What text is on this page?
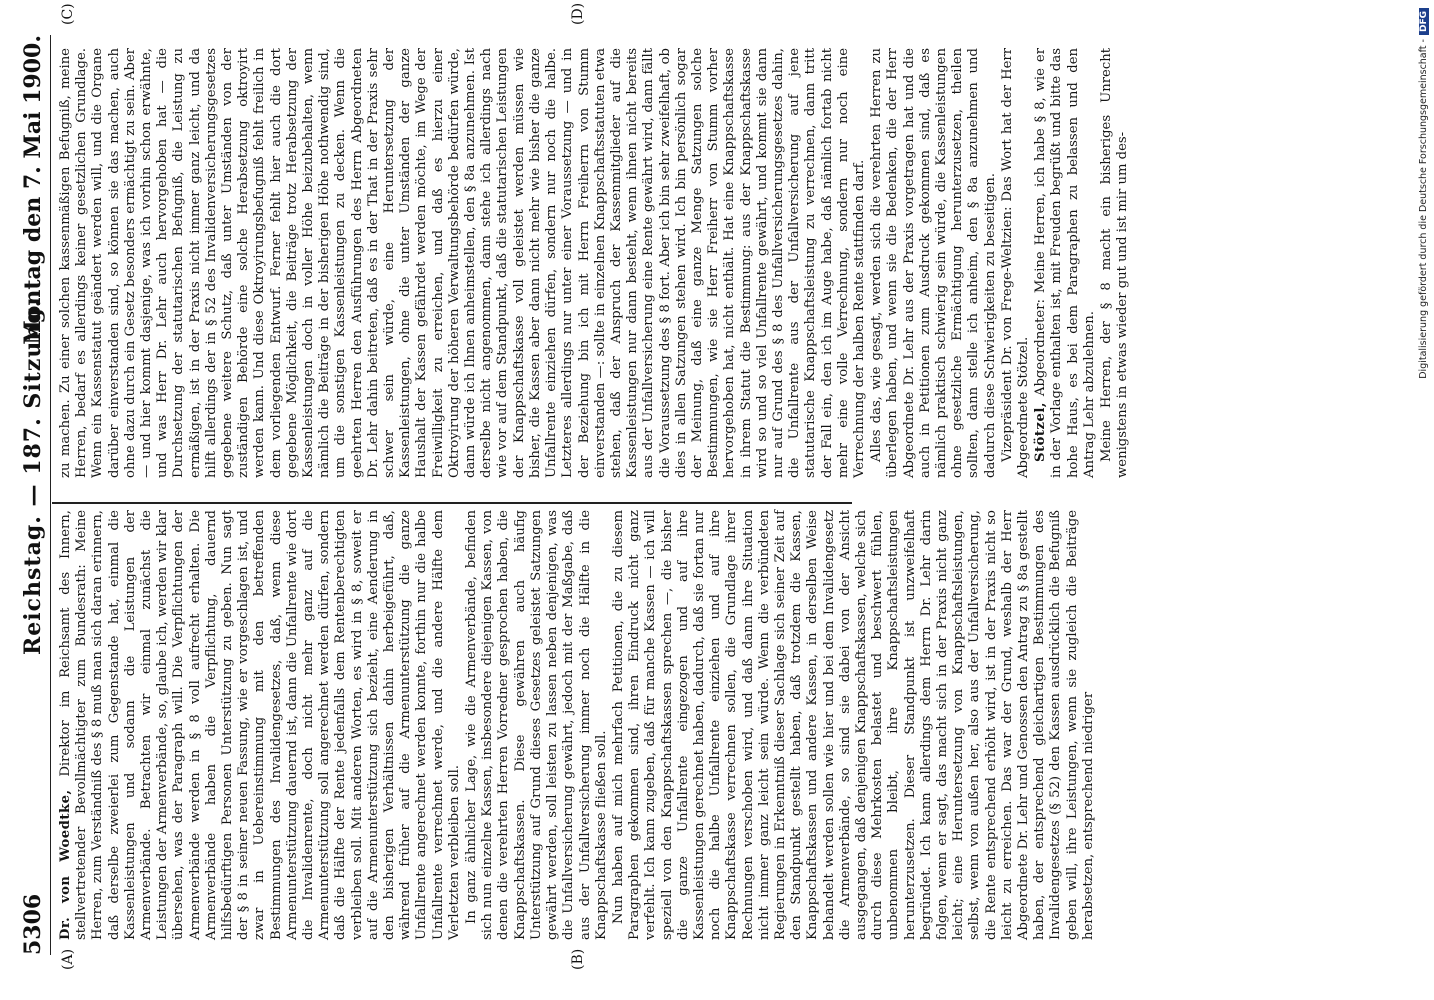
5306
Reichstag. — 187. Sitzung.
Montag den 7. Mai 1900.
(A)	(B)
(C)	(D)

Dr. von Woedtke, Direktor im Reichsamt des Innern, stellvertretender Bevollmächtigter zum Bundesrath: Meine Herren, zum Verständniß des § 8 muß man sich daran erinnern, daß derselbe zweierlei zum Gegenstande hat, einmal die Kassenleistungen und sodann die Leistungen der Armenverbände. Betrachten wir einmal zunächst die Leistungen der Armenverbände, so, glaube ich, werden wir klar übersehen, was der Paragraph will. Die Verpflichtungen der Armenverbände werden in § 8 voll aufrecht erhalten. Die Armenverbände haben die Verpflichtung, dauernd hilfsbedürftigen Personen Unterstützung zu geben. Nun sagt der § 8 in seiner neuen Fassung, wie er vorgeschlagen ist, und zwar in Uebereinstimmung mit den betreffenden Bestimmungen des Invalidengesetzes, daß, wenn diese Armenunterstützung dauernd ist, dann die Unfallrente wie dort die Invalidenrente, doch nicht mehr ganz auf die Armenunterstützung soll angerechnet werden dürfen, sondern daß die Hälfte der Rente jedenfalls dem Rentenberechtigten verbleiben soll. Mit anderen Worten, es wird in § 8, soweit er auf die Armenunterstützung sich bezieht, eine Aenderung in den bisherigen Verhältnissen dahin herbeigeführt, daß, während früher auf die Armenunterstützung die ganze Unfallrente angerechnet werden konnte, forthin nur die halbe Unfallrente verrechnet werde, und die andere Hälfte dem Verletzten verbleiben soll. In ganz ähnlicher Lage, wie die Armenverbände, befinden sich nun einzelne Kassen, insbesondere diejenigen Kassen, von denen die verehrten Herren Vorredner gesprochen haben, die Knappschaftskassen. Diese gewähren auch häufig Unterstützung auf Grund dieses Gesetzes geleistet Satzungen gewährt werden, soll leisten zu lassen neben denjenigen, was die Unfallversicherung gewährt, jedoch mit der Maßgabe, daß aus der Unfallversicherung immer noch die Hälfte in die Knappschaftskasse fließen soll. Nun haben auf mich mehrfach Petitionen, die zu diesem Paragraphen gekommen sind, ihren Eindruck nicht ganz verfehlt. Ich kann zugeben, daß für manche Kassen — ich will speziell von den Knappschaftskassen sprechen —, die bisher die ganze Unfallrente eingezogen und auf ihre Kassenleistungen gerechnet haben, dadurch, daß sie fortan nur noch die halbe Unfallrente einziehen und auf ihre Knappschaftskasse verrechnen sollen, die Grundlage ihrer Rechnungen verschoben wird, und daß dann ihre Situation nicht immer ganz leicht sein würde. Wenn die verbündeten Regierungen in Erkenntniß dieser Sachlage sich seiner Zeit auf den Standpunkt gestellt haben, daß trotzdem die Kassen, Knappschaftskassen und andere Kassen, in derselben Weise behandelt werden sollen wie hier und bei dem Invalidengesetz die Armenverbände, so sind sie dabei von der Ansicht ausgegangen, daß denjenigen Knappschaftskassen, welche sich durch diese Mehrkosten belastet und beschwert fühlen, unbenommen bleibt, ihre Knappschaftsleistungen herunterzusetzen. Dieser Standpunkt ist unzweifelhaft begründet. Ich kann allerdings dem Herrn Dr. Lehr darin folgen, wenn er sagt, das macht sich in der Praxis nicht ganz leicht; eine Heruntersetzung von Knappschaftsleistungen, selbst, wenn von außen her, also aus der Unfallversicherung, die Rente entsprechend erhöht wird, ist in der Praxis nicht so leicht zu erreichen. Das war der Grund, weshalb der Herr Abgeordnete Dr. Lehr und Genossen den Antrag zu § 8a gestellt haben, der entsprechend gleichartigen Bestimmungen des Invalidengesetzes (§ 52) den Kassen ausdrücklich die Befugniß geben will, ihre Leistungen, wenn sie zugleich die Beiträge herabsetzen, entsprechend niedriger

zu machen. Zu einer solchen kassenmäßigen Befugniß, meine Herren, bedarf es allerdings keiner gesetzlichen Grundlage. Wenn ein Kassenstatut geändert werden will, und die Organe darüber einverstanden sind, so können sie das machen, auch ohne dazu durch ein Gesetz besonders ermächtigt zu sein. Aber — und hier kommt dasjenige, was ich vorhin schon erwähnte, und was Herr Dr. Lehr auch hervorgehoben hat — die Durchsetzung der statutarischen Befugniß, die Leistung zu ermäßigen, ist in der Praxis nicht immer ganz leicht, und da hilft allerdings der in § 52 des Invalidenversicherungsgesetzes gegebene weitere Schutz, daß unter Umständen von der zuständigen Behörde eine solche Herabsetzung oktroyirt werden kann. Und diese Oktroyirungsbefugniß fehlt freilich in dem vorliegenden Entwurf. Ferner fehlt hier auch die dort gegebene Möglichkeit, die Beiträge trotz Herabsetzung der Kassenleistungen doch in voller Höhe beizubehalten, wenn nämlich die Beiträge in der bisherigen Höhe nothwendig sind, um die sonstigen Kassenleistungen zu decken. Wenn die geehrten Herren den Ausführungen des Herrn Abgeordneten Dr. Lehr dahin beitreten, daß es in der That in der Praxis sehr schwer sein würde, eine Heruntersetzung der Kassenleistungen, ohne die unter Umständen der ganze Haushalt der Kassen gefährdet werden möchte, im Wege der Freiwilligkeit zu erreichen, und daß es hierzu einer Oktroyirung der höheren Verwaltungsbehörde bedürfen würde, dann würde ich Ihnen anheimstellen, den § 8a anzunehmen. Ist derselbe nicht angenommen, dann stehe ich allerdings nach wie vor auf dem Standpunkt, daß die statutarischen Leistungen der Knappschaftskasse voll geleistet werden müssen wie bisher, die Kassen aber dann nicht mehr wie bisher die ganze Unfallrente einziehen dürfen, sondern nur noch die halbe. Letzteres allerdings nur unter einer Voraussetzung — und in der Beziehung bin ich mit Herrn Freiherrn von Stumm einverstanden —: sollte in einzelnen Knappschaftsstatuten etwa stehen, daß der Anspruch der Kassenmitglieder auf die Kassenleistungen nur dann besteht, wenn ihnen nicht bereits aus der Unfallversicherung eine Rente gewährt wird, dann fällt die Voraussetzung des § 8 fort. Aber ich bin sehr zweifelhaft, ob dies in allen Satzungen stehen wird. Ich bin persönlich sogar der Meinung, daß eine ganze Menge Satzungen solche Bestimmungen, wie sie Herr Freiherr von Stumm vorher hervorgehoben hat, nicht enthält. Hat eine Knappschaftskasse in ihrem Statut die Bestimmung: aus der Knappschaftskasse wird so und so viel Unfallrente gewährt, und kommt sie dann nur auf Grund des § 8 des Unfallversicherungsgesetzes dahin, die Unfallrente aus der Unfallversicherung auf jene statutarische Knappschaftsleistung zu verrechnen, dann tritt der Fall ein, den ich im Auge habe, daß nämlich fortab nicht mehr eine volle Verrechnung, sondern nur noch eine Verrechnung der halben Rente stattfinden darf. Alles das, wie gesagt, werden sich die verehrten Herren zu überlegen haben, und wenn sie die Bedenken, die der Herr Abgeordnete Dr. Lehr aus der Praxis vorgetragen hat und die auch in Petitionen zum Ausdruck gekommen sind, daß es nämlich praktisch schwierig sein würde, die Kassenleistungen ohne gesetzliche Ermächtigung herunterzusetzen, theilen sollten, dann stelle ich anheim, den § 8a anzunehmen und dadurch diese Schwierigkeiten zu beseitigen. Vizepräsident Dr. von Frege-Weltzien: Das Wort hat der Herr Abgeordnete Stötzel. Stötzel, Abgeordneter: Meine Herren, ich habe § 8, wie er in der Vorlage enthalten ist, mit Freuden begrüßt und bitte das hohe Haus, es bei dem Paragraphen zu belassen und den Antrag Lehr abzulehnen. Meine Herren, der § 8 macht ein bisheriges Unrecht wenigstens in etwas wieder gut und ist mir um des-	Digitalisierung gefördert durch die Deutsche Forschungsgemeinschaft -DFG
